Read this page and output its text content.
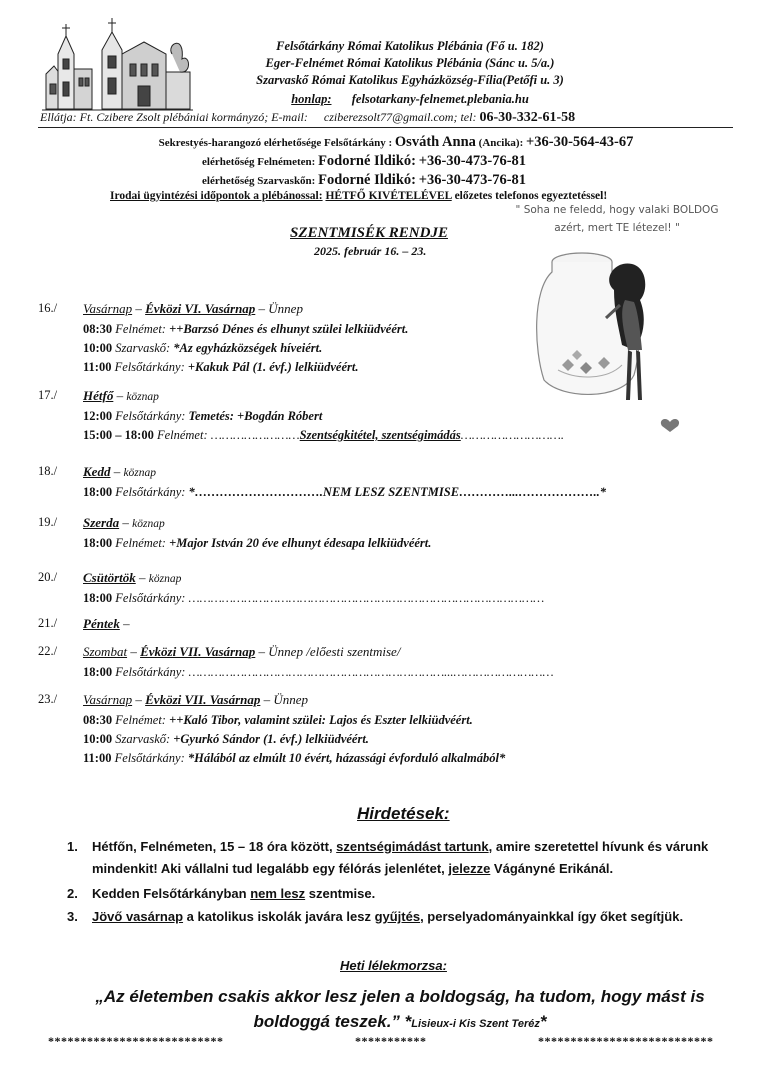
Felsőtárkány Római Katolikus Plébánia (Fő u. 182)
Eger-Felnémet Római Katolikus Plébánia (Sánc u. 5/a.)
Szarvaskő Római Katolikus Egyházközség-Fília(Petőfi u. 3)
honlap: felsotarkany-felnemet.plebania.hu
Ellátja: Ft. Czibere Zsolt plébániai kormányzó; E-mail: cziberezsolt77@gmail.com; tel: 06-30-332-61-58
Sekrestyés-harangozó elérhetősége Felsőtárkány : Osváth Anna (Ancika): +36-30-564-43-67
elérhetőség Felnémeten: Fodorné Ildikó: +36-30-473-76-81
elérhetőség Szarvaskőn: Fodorné Ildikó: +36-30-473-76-81
Irodai ügyintézési időpontok a plébánossal: HÉTFŐ KIVÉTELÉVEL előzetes telefonos egyeztetéssel!
" Soha ne feledd, hogy valaki BOLDOG
azért, mert TE létezel! "
SZENTMISÉK RENDJE
2025. február 16. – 23.
16./ Vasárnap – Évközi VI. Vasárnap – Ünnep
08:30 Felnémet: ++Barzsó Dénes és elhunyt szülei lelkiüdvéért.
10:00 Szarvaskő: *Az egyházközségek híveiért.
11:00 Felsőtárkány: +Kakuk Pál (1. évf.) lelkiüdvéért.
17./ Hétfő – köznap
12:00 Felsőtárkány: Temetés: +Bogdán Róbert
15:00 – 18:00 Felnémet: ……………………Szentségkitétel, szentségimádás……………………….
18./ Kedd – köznap
18:00 Felsőtárkány: *………………………….NEM LESZ SZENTMISE…………...………………..*
19./ Szerda – köznap
18:00 Felnémet: +Major István 20 éve elhunyt édesapa lelkiüdvéért.
20./ Csütörtök – köznap
18:00 Felsőtárkány: ……………………………………………………………………………………
21./ Péntek –
22./ Szombat – Évközi VII. Vasárnap – Ünnep /előesti szentmise/
18:00 Felsőtárkány: ……………………………………………………………...………………………
23./ Vasárnap – Évközi VII. Vasárnap – Ünnep
08:30 Felnémet: ++Kaló Tibor, valamint szülei: Lajos és Eszter lelkiüdvéért.
10:00 Szarvaskő: +Gyurkó Sándor (1. évf.) lelkiüdvéért.
11:00 Felsőtárkány: *Hálából az elmúlt 10 évért, házassági évforduló alkalmából*
Hirdetések:
1. Hétfőn, Felnémeten, 15 – 18 óra között, szentségimádást tartunk, amire szeretettel hívunk és várunk mindenkit! Aki vállalni tud legalább egy félórás jelenlétet, jelezze Vágányné Erikánál.
2. Kedden Felsőtárkányban nem lesz szentmise.
3. Jövő vasárnap a katolikus iskolák javára lesz gyűjtés, perselyadományainkkal így őket segítjük.
Heti lélekmorzsa:
„Az életemben csakis akkor lesz jelen a boldogság, ha tudom, hogy mást is
boldoggá teszek.” *Lisieux-i Kis Szent Teréz*
***************************	***********	***************************
